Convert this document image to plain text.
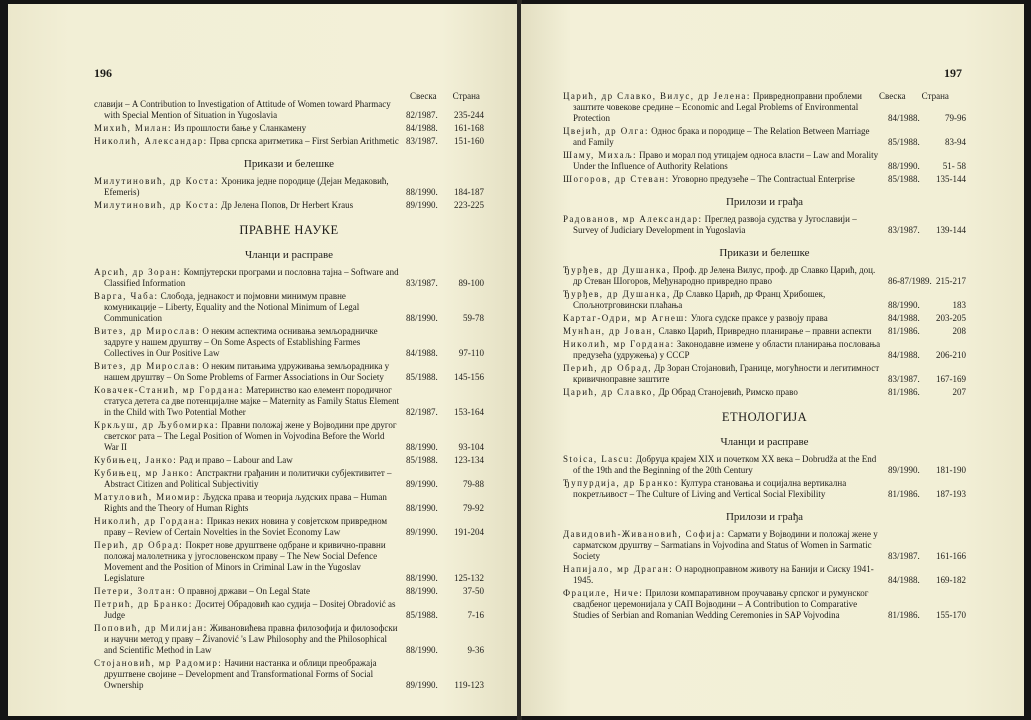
196
Свеска Страна
славији – A Contribution to Investigation of Attitude of Women toward Pharmacy with Special Mention of Situation in Yugoslavia	82/1987.	235-244
Михић, Милан: Из прошлости бање у Сланкамену	84/1988.	161-168
Николић, Александар: Прва српска аритметика – First Serbian Arithmetic 83/1987.	151-160
Прикази и белешке
Милутиновић, др Коста: Хроника једне породице (Дејан Медаковић, Efemeris)	88/1990.	184-187
Милутиновић, др Коста: Др Јелена Попов, Dr Herbert Kraus	89/1990.	223-225
ПРАВНЕ НАУКЕ
Чланци и расправе
Арсић, др Зоран: Компјутерски програми и пословна тајна – Software and Classified Information	83/1987.	89-100
Варга, Чаба: Слобода, једнакост и појмовни минимум правне комуникације – Liberty, Equality and the Notional Minimum of Legal Communication	88/1990.	59-78
Витез, др Мирослав: О неким аспектима оснивања земљорадничке задруге у нашем друштву – On Some Aspects of Establishing Farmes Collectives in Our Positive Law	84/1988.	97-110
Витез, др Мирослав: О неким питањима удруживања земљорадника у нашем друштву – On Some Problems of Farmer Associations in Our Society	85/1988.	145-156
Ковачек-Станић, мр Гордана: Материнство као елемент породичног статуса детета са две потенцијалне мајке – Maternity as Family Status Element in the Child with Two Potential Mother	82/1987.	153-164
Кркљуш, др Љубомирка: Правни положај жене у Војводини пре другог светског рата – The Legal Position of Women in Vojvodina Before the World War II	88/1990.	93-104
Кубињец, Јанко: Рад и право – Labour and Law	85/1988.	123-134
Кубињец, мр Јанко: Апстрактни грађанин и политички субјективитет – Abstract Citizen and Political Subjectivitiy	89/1990.	79-88
Матуловић, Миомир: Људска права и теорија људских права – Human Rights and the Theory of Human Rights	88/1990.	79-92
Николић, др Гордана: Приказ неких новина у совјетском привредном праву – Review of Certain Novelties in the Soviet Economy Law	89/1990.	191-204
Перић, др Обрад: Покрет нове друштвене одбране и кривично-правни положај малолетника у југословенском праву – The New Social Defence Movement and the Position of Minors in Criminal Law in the Yugoslav Legislature	88/1990.	125-132
Петери, Золтан: О правној држави – On Legal State	88/1990.	37-50
Петрић, др Бранко: Доситеј Обрадовић као судија – Dositej Obradović as Judge	85/1988.	7-16
Поповић, др Милијан: Живановићева правна филозофија и филозофски и научни метод у праву – Živanović 's Law Philosophy and the Philosophical and Scientific Method in Law	88/1990.	9-36
Стојановић, мр Радомир: Начини настанка и облици преображаја друштвене својине – Development and Transformational Forms of Social Ownership	89/1990.	119-123
197
Свеска Страна
Царић, др Славко, Вилус, др Јелена: Привреднoправни проблеми заштите човекове средине – Economic and Legal Problems of Environmental Protection	84/1988.	79-96
Цвејић, др Олга: Однос брака и породице – The Relation Between Marriage and Family	85/1988.	83-94
Шаму, Михаљ: Право и морал под утицајем односа власти – Law and Morality Under the Influence of Authority Relations	88/1990.	51- 58
Шогоров, др Стеван: Уговорно предузеће – The Contractual Enterprise	85/1988.	135-144
Прилози и грађа
Радованов, мр Александар: Преглед развоја судства у Југославији – Survey of Judiciary Development in Yugoslavia	83/1987.	139-144
Прикази и белешке
Ђурђев, др Душанка, Проф. др Јелена Вилус, проф. др Славко Царић, доц. др Стеван Шогоров, Међународно привредно право	86-87/1989. 215-217
Ђурђев, др Душанка, Др Славко Царић, др Франц Хрибошек, Спољнотрговински плаћања	88/1990.	183
Картаг-Одри, мр Агнеш: Улога судске праксе у развоју права	84/1988.	203-205
Мунћан, др Јован, Славко Царић, Привредно планирање – правни аспекти	81/1986.	208
Николић, мр Гордана: Законодавне измене у области планирања пословања предузећа (удружења) у СССР	84/1988.	206-210
Перић, др Обрад, Др Зоран Стојановић, Границе, могућности и легитимност кривичноправне заштите	83/1987.	167-169
Царић, др Славко, Др Обрад Станојевић, Римско право	81/1986.	207
ЕТНОЛОГИЈА
Чланци и расправе
Stoica, Lascu: Добруџа крајем XIX и почетком XX века – Dobrudža at the End of the 19th and the Beginning of the 20th Century	89/1990.	181-190
Ђупурдија, др Бранко: Култура становања и социјална вертикална покретљивост – The Culture of Living and Vertical Social Flexibility	81/1986.	187-193
Прилози и грађа
Давидовић-Живановић, Софија: Сармати у Војводини и положај жене у сарматском друштву – Sarmatians in Vojvodina and Status of Women in Sarmatic Society	83/1987.	161-166
Напијало, мр Драган: О народноправном животу на Банији и Сиску 1941-1945.	84/1988.	169-182
Фрациле, Ниче: Прилози компаративном проучавању српског и румунског свадбеног церемонијала у САП Војводини – A Contribution to Comparative Studies of Serbian and Romanian Wedding Ceremonies in SAP Vojvodina	81/1986.	155-170
